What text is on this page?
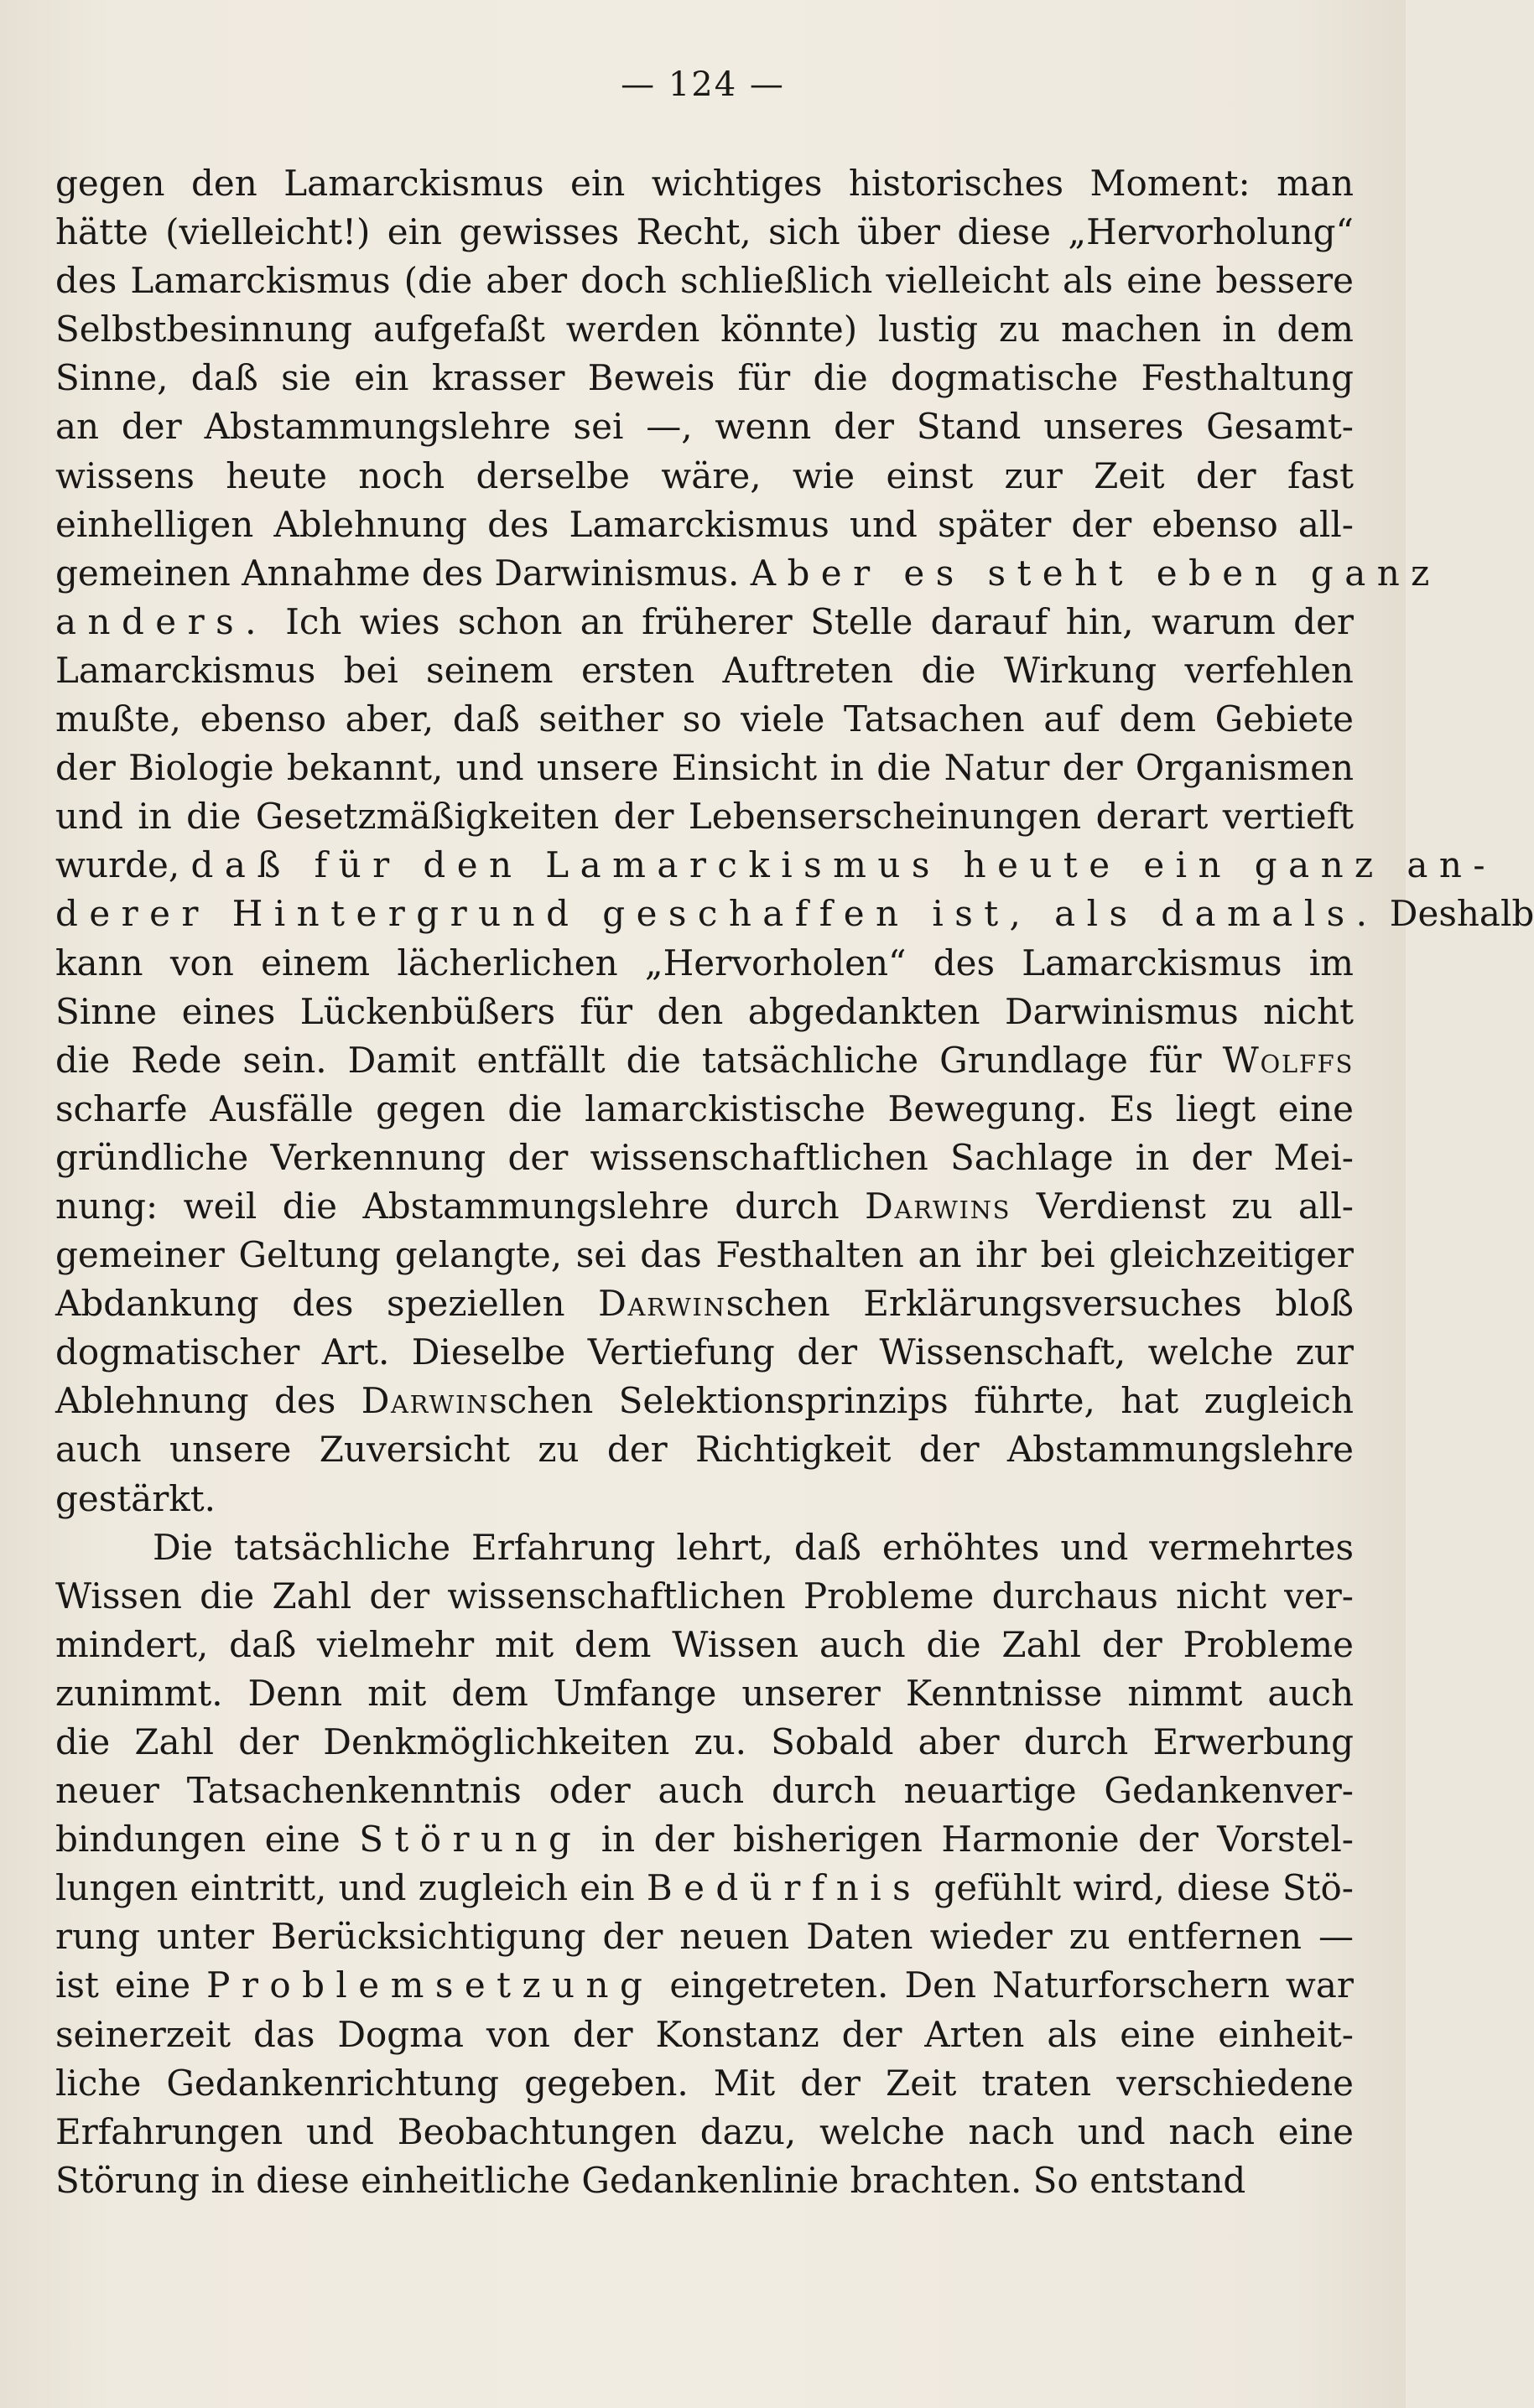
— 124 —
gegen den Lamarckismus ein wichtiges historisches Moment: man
hätte (vielleicht!) ein gewisses Recht, sich über diese „Hervorholung“
des Lamarckismus (die aber doch schließlich vielleicht als eine bessere
Selbstbesinnung aufgefaßt werden könnte) lustig zu machen in dem
Sinne, daß sie ein krasser Beweis für die dogmatische Festhaltung
an der Abstammungslehre sei —, wenn der Stand unseres Gesamt-
wissens heute noch derselbe wäre, wie einst zur Zeit der fast
einhelligen Ablehnung des Lamarckismus und später der ebenso all-
gemeinen Annahme des Darwinismus. Aber es steht eben ganz
anders. Ich wies schon an früherer Stelle darauf hin, warum der
Lamarckismus bei seinem ersten Auftreten die Wirkung verfehlen
mußte, ebenso aber, daß seither so viele Tatsachen auf dem Gebiete
der Biologie bekannt, und unsere Einsicht in die Natur der Organismen
und in die Gesetzmäßigkeiten der Lebenserscheinungen derart vertieft
wurde, daß für den Lamarckismus heute ein ganz an-
derer Hintergrund geschaffen ist, als damals. Deshalb
kann von einem lächerlichen „Hervorholen“ des Lamarckismus im
Sinne eines Lückenbüßers für den abgedankten Darwinismus nicht
die Rede sein. Damit entfällt die tatsächliche Grundlage für Wolffs
scharfe Ausfälle gegen die lamarckistische Bewegung. Es liegt eine
gründliche Verkennung der wissenschaftlichen Sachlage in der Mei-
nung: weil die Abstammungslehre durch Darwins Verdienst zu all-
gemeiner Geltung gelangte, sei das Festhalten an ihr bei gleichzeitiger
Abdankung des speziellen Darwinschen Erklärungsversuches bloß
dogmatischer Art. Dieselbe Vertiefung der Wissenschaft, welche zur
Ablehnung des Darwinschen Selektionsprinzips führte, hat zugleich
auch unsere Zuversicht zu der Richtigkeit der Abstammungslehre
gestärkt.
Die tatsächliche Erfahrung lehrt, daß erhöhtes und vermehrtes
Wissen die Zahl der wissenschaftlichen Probleme durchaus nicht ver-
mindert, daß vielmehr mit dem Wissen auch die Zahl der Probleme
zunimmt. Denn mit dem Umfange unserer Kenntnisse nimmt auch
die Zahl der Denkmöglichkeiten zu. Sobald aber durch Erwerbung
neuer Tatsachenkenntnis oder auch durch neuartige Gedankenver-
bindungen eine Störung in der bisherigen Harmonie der Vorstel-
lungen eintritt, und zugleich ein Bedürfnis gefühlt wird, diese Stö-
rung unter Berücksichtigung der neuen Daten wieder zu entfernen —
ist eine Problemsetzung eingetreten. Den Naturforschern war
seinerzeit das Dogma von der Konstanz der Arten als eine einheit-
liche Gedankenrichtung gegeben. Mit der Zeit traten verschiedene
Erfahrungen und Beobachtungen dazu, welche nach und nach eine
Störung in diese einheitliche Gedankenlinie brachten. So entstand
